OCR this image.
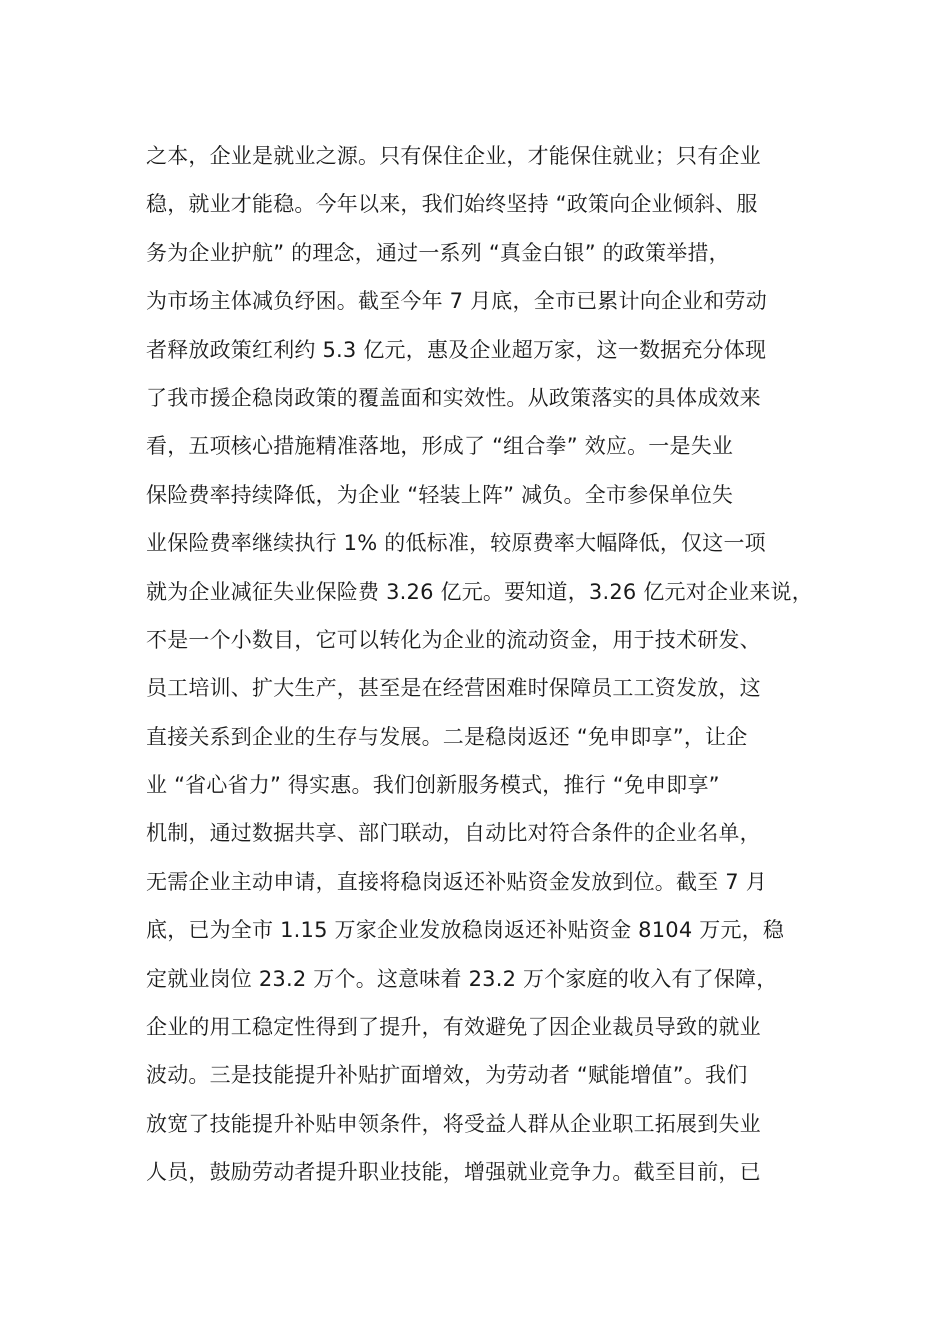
之本，企业是就业之源。只有保住企业，才能保住就业；只有企业
稳，就业才能稳。今年以来，我们始终坚持 “政策向企业倾斜、服
务为企业护航” 的理念，通过一系列 “真金白银” 的政策举措，
为市场主体减负纾困。截至今年 7 月底，全市已累计向企业和劳动
者释放政策红利约 5.3 亿元，惠及企业超万家，这一数据充分体现
了我市援企稳岗政策的覆盖面和实效性。从政策落实的具体成效来
看，五项核心措施精准落地，形成了 “组合拳” 效应。一是失业
保险费率持续降低，为企业 “轻装上阵” 减负。全市参保单位失
业保险费率继续执行 1% 的低标准，较原费率大幅降低，仅这一项
就为企业减征失业保险费 3.26 亿元。要知道，3.26 亿元对企业来说，
不是一个小数目，它可以转化为企业的流动资金，用于技术研发、
员工培训、扩大生产，甚至是在经营困难时保障员工工资发放，这
直接关系到企业的生存与发展。二是稳岗返还 “免申即享”，让企
业 “省心省力” 得实惠。我们创新服务模式，推行 “免申即享”
机制，通过数据共享、部门联动，自动比对符合条件的企业名单，
无需企业主动申请，直接将稳岗返还补贴资金发放到位。截至 7 月
底，已为全市 1.15 万家企业发放稳岗返还补贴资金 8104 万元，稳
定就业岗位 23.2 万个。这意味着 23.2 万个家庭的收入有了保障，
企业的用工稳定性得到了提升，有效避免了因企业裁员导致的就业
波动。三是技能提升补贴扩面增效，为劳动者 “赋能增值”。我们
放宽了技能提升补贴申领条件，将受益人群从企业职工拓展到失业
人员，鼓励劳动者提升职业技能，增强就业竞争力。截至目前，已
